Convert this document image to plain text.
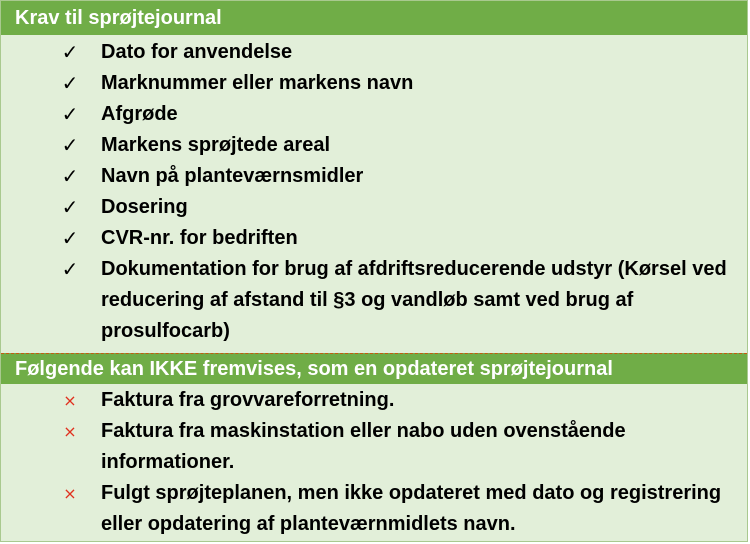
Krav til sprøjtejournal
✓ Dato for anvendelse
✓ Marknummer eller markens navn
✓ Afgrøde
✓ Markens sprøjtede areal
✓ Navn på planteværnsmidler
✓ Dosering
✓ CVR-nr. for bedriften
✓ Dokumentation for brug af afdriftsreducerende udstyr (Kørsel ved reducering af afstand til §3 og vandløb samt ved brug af prosulfocarb)
Følgende kan IKKE fremvises, som en opdateret sprøjtejournal
× Faktura fra grovvareforretning.
× Faktura fra maskinstation eller nabo uden ovenstående informationer.
× Fulgt sprøjteplanen, men ikke opdateret med dato og registrering eller opdatering af planteværnmidlets navn.
